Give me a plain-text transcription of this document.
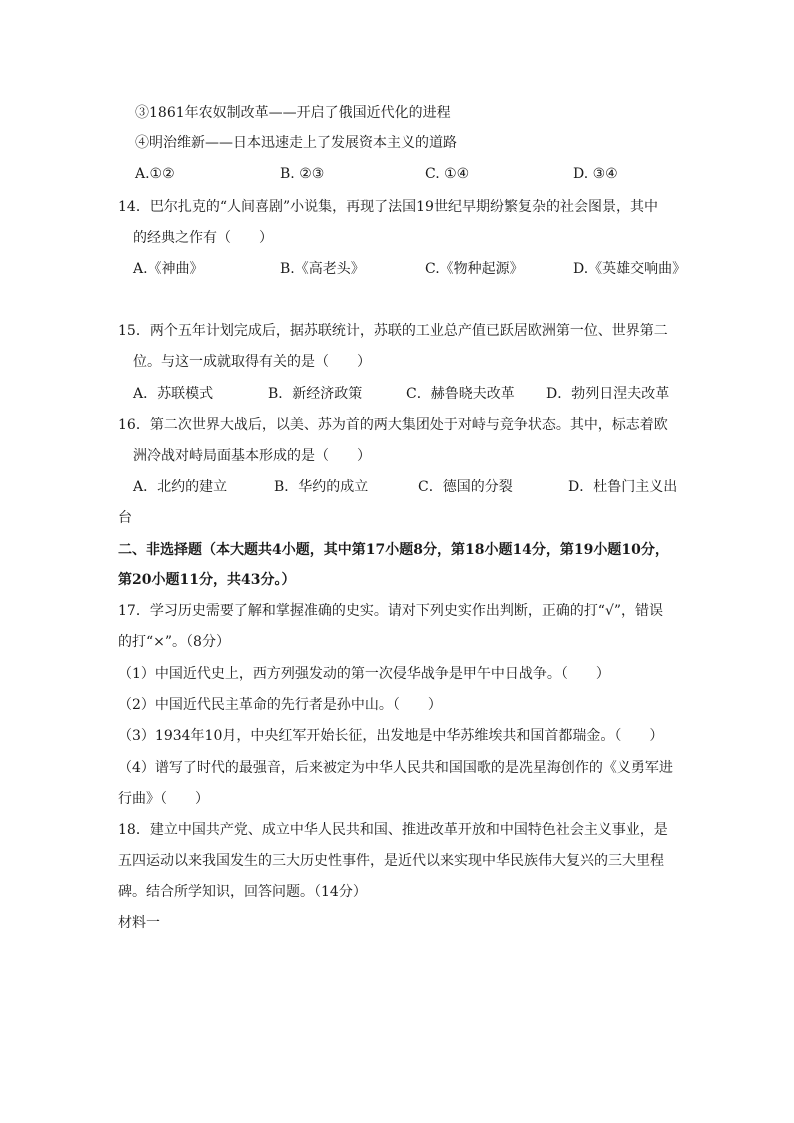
③1861年农奴制改革——开启了俄国近代化的进程
④明治维新——日本迅速走上了发展资本主义的道路
A.①②	B. ②③	C. ①④	D. ③④
14．巴尔扎克的“人间喜剧”小说集，再现了法国19世纪早期纷繁复杂的社会图景，其中
的经典之作有（　　）
A.《神曲》	B.《高老头》	C.《物种起源》	D.《英雄交响曲》
15．两个五年计划完成后，据苏联统计，苏联的工业总产值已跃居欧洲第一位、世界第二
位。与这一成就取得有关的是（　　）
A．苏联模式	B．新经济政策	C．赫鲁晓夫改革 D．勃列日涅夫改革
16．第二次世界大战后，以美、苏为首的两大集团处于对峙与竞争状态。其中，标志着欧
洲冷战对峙局面基本形成的是（　　）
A．北约的建立	B．华约的成立	C．德国的分裂	D．杜鲁门主义出
台
二、非选择题（本大题共4小题，其中第17小题8分，第18小题14分，第19小题10分，
第20小题11分，共43分。）
17．学习历史需要了解和掌握准确的史实。请对下列史实作出判断，正确的打“√”，错误
的打“×”。（8分）
（1）中国近代史上，西方列强发动的第一次侵华战争是甲午中日战争。（　　）
（2）中国近代民主革命的先行者是孙中山。（　　）
（3）1934年10月，中央红军开始长征，出发地是中华苏维埃共和国首都瑞金。（　　）
（4）谱写了时代的最强音，后来被定为中华人民共和国国歌的是冼星海创作的《义勇军进
行曲》（　　）
18．建立中国共产党、成立中华人民共和国、推进改革开放和中国特色社会主义事业，是
五四运动以来我国发生的三大历史性事件，是近代以来实现中华民族伟大复兴的三大里程
碑。结合所学知识，回答问题。（14分）
材料一
